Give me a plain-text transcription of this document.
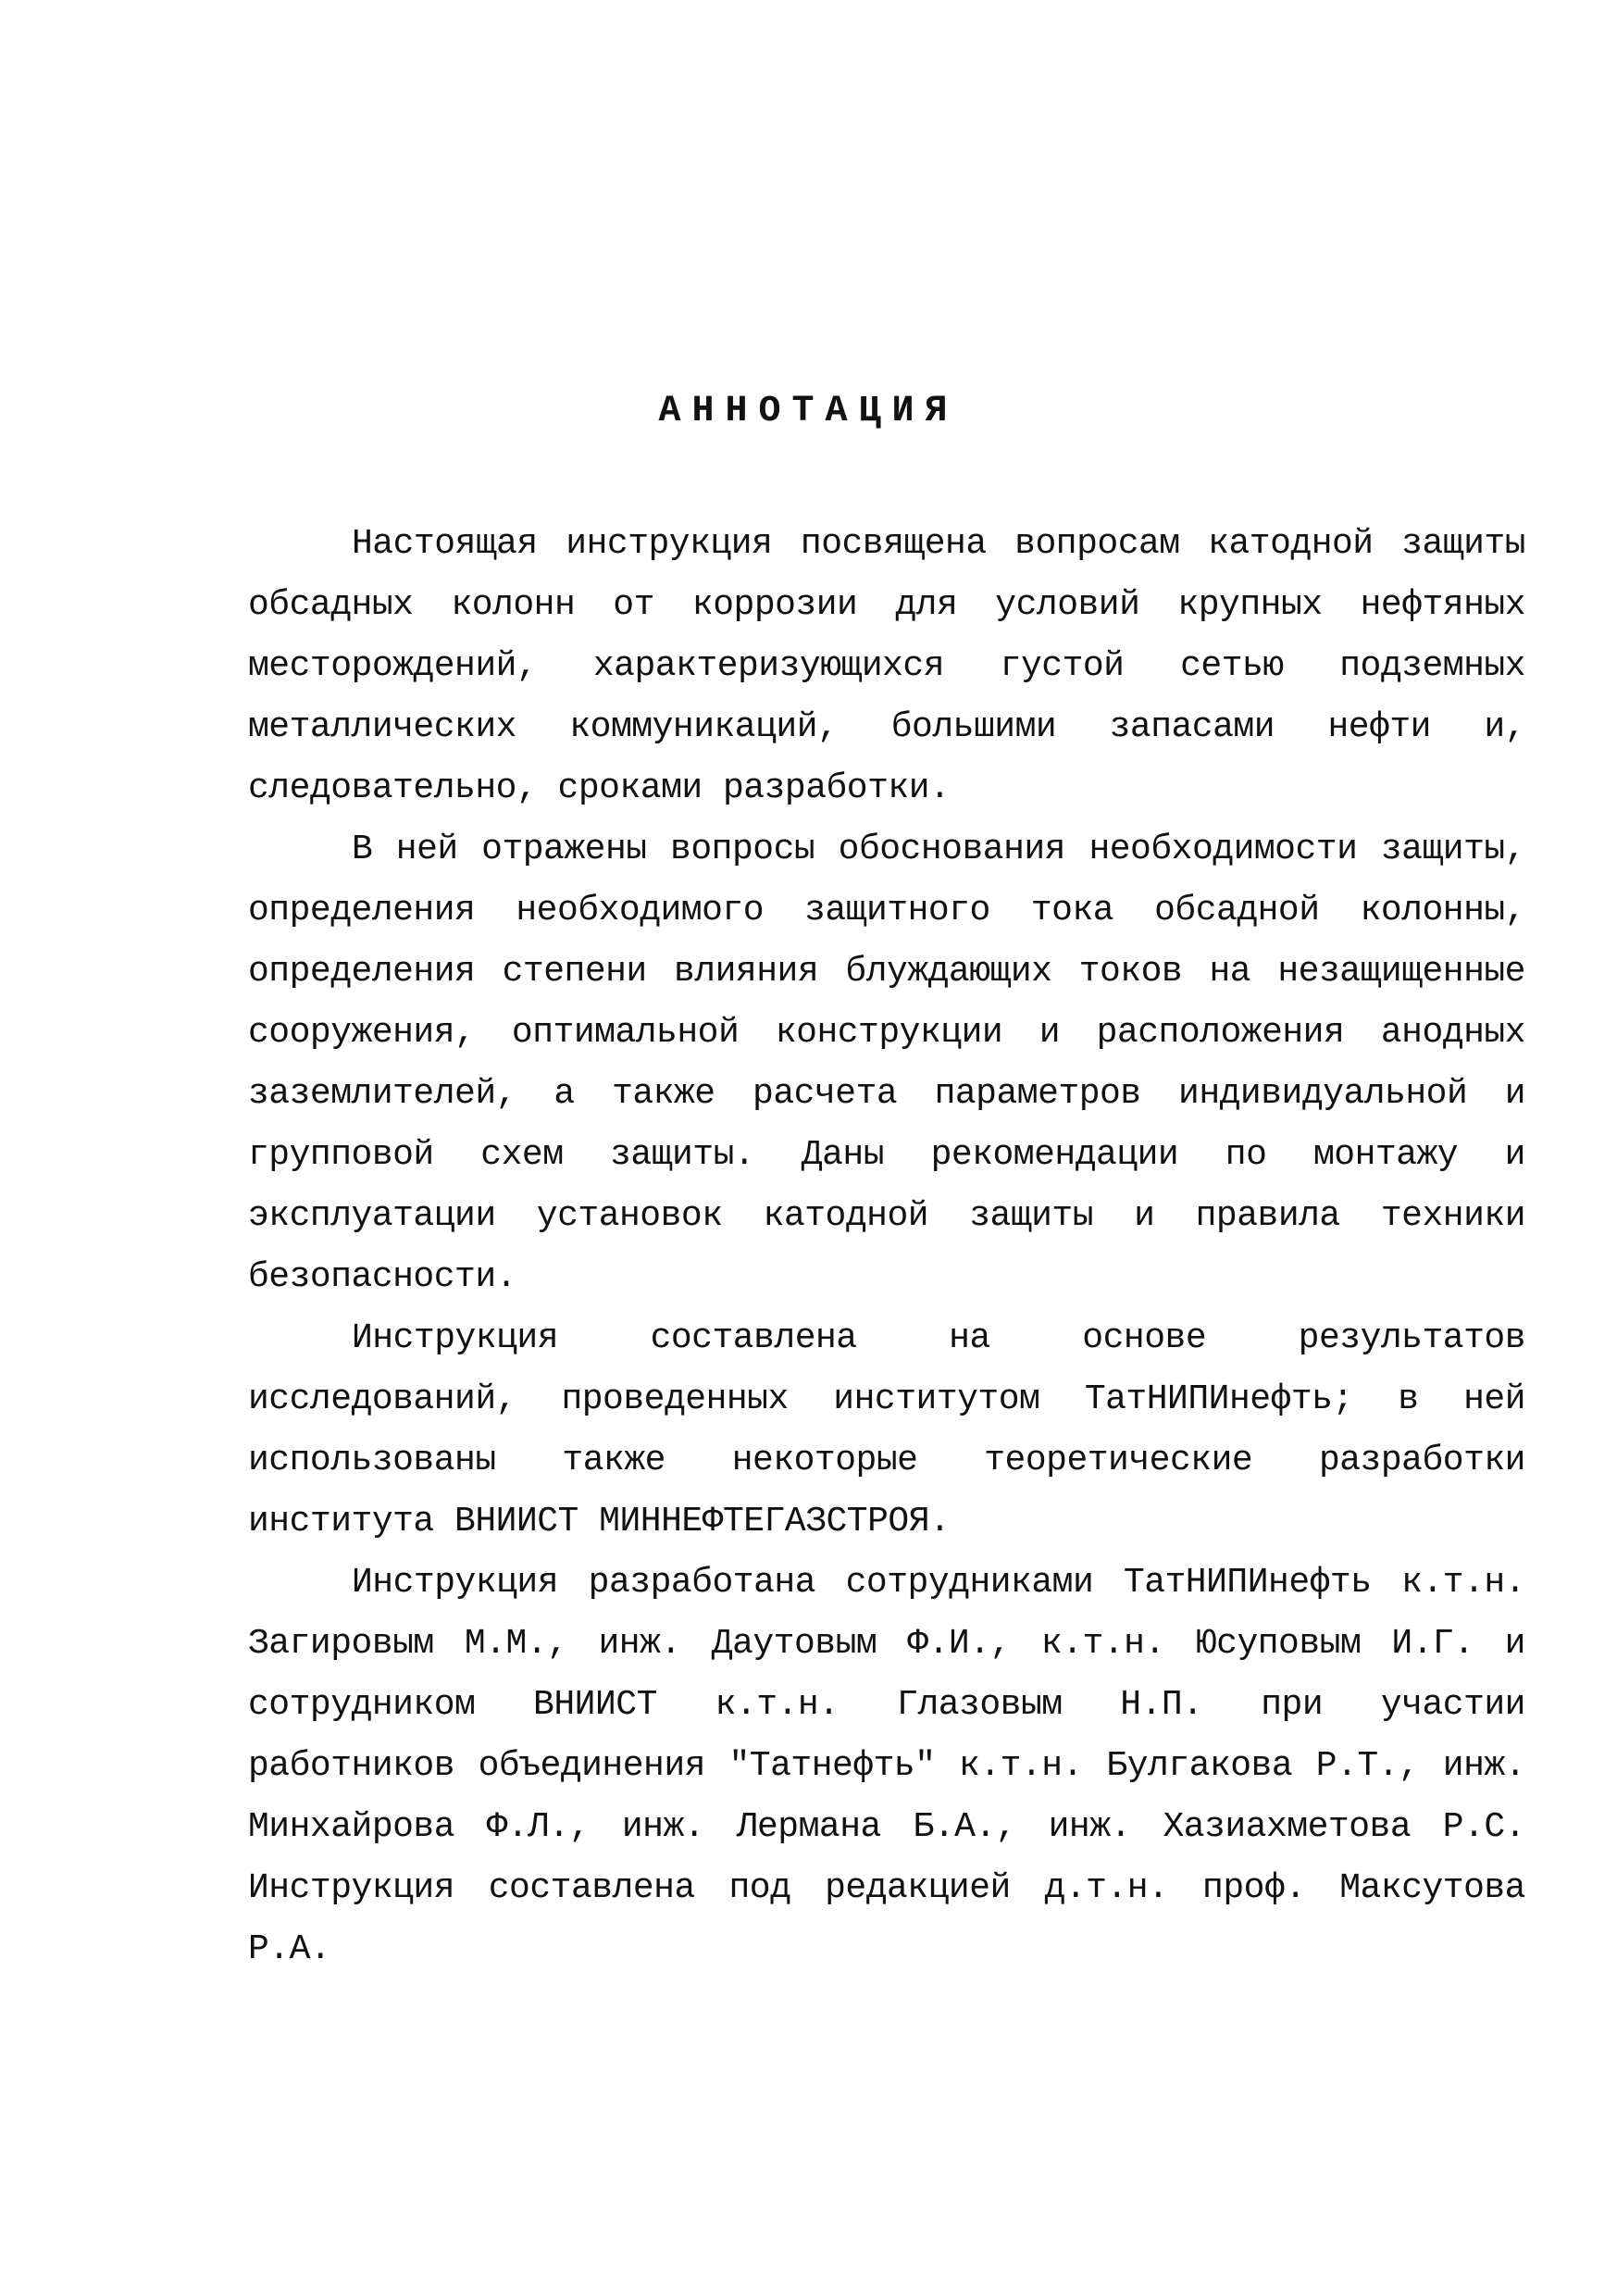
АННОТАЦИЯ

Настоящая инструкция посвящена вопросам катодной защиты обсадных колонн от коррозии для условий крупных нефтяных месторождений, характеризующихся густой сетью подземных металлических коммуникаций, большими запасами нефти и, следовательно, сроками разработки.

В ней отражены вопросы обоснования необходимости защиты, определения необходимого защитного тока обсадной колонны, определения степени влияния блуждающих токов на незащищенные сооружения, оптимальной конструкции и расположения анодных заземлителей, а также расчета параметров индивидуальной и групповой схем защиты. Даны рекомендации по монтажу и эксплуатации установок катодной защиты и правила техники безопасности.

Инструкция составлена на основе результатов исследований, проведенных институтом ТатНИПИнефть; в ней использованы также некоторые теоретические разработки института ВНИИСТ МИННЕФТЕГАЗСТРОЯ.

Инструкция разработана сотрудниками ТатНИПИнефть к.т.н. Загировым М.М., инж. Даутовым Ф.И., к.т.н. Юсуповым И.Г. и сотрудником ВНИИСТ к.т.н. Глазовым Н.П. при участии работников объединения "Татнефть" к.т.н. Булгакова Р.Т., инж. Минхайрова Ф.Л., инж. Лермана Б.А., инж. Хазиахметова Р.С. Инструкция составлена под редакцией д.т.н. проф. Максутова Р.А.
